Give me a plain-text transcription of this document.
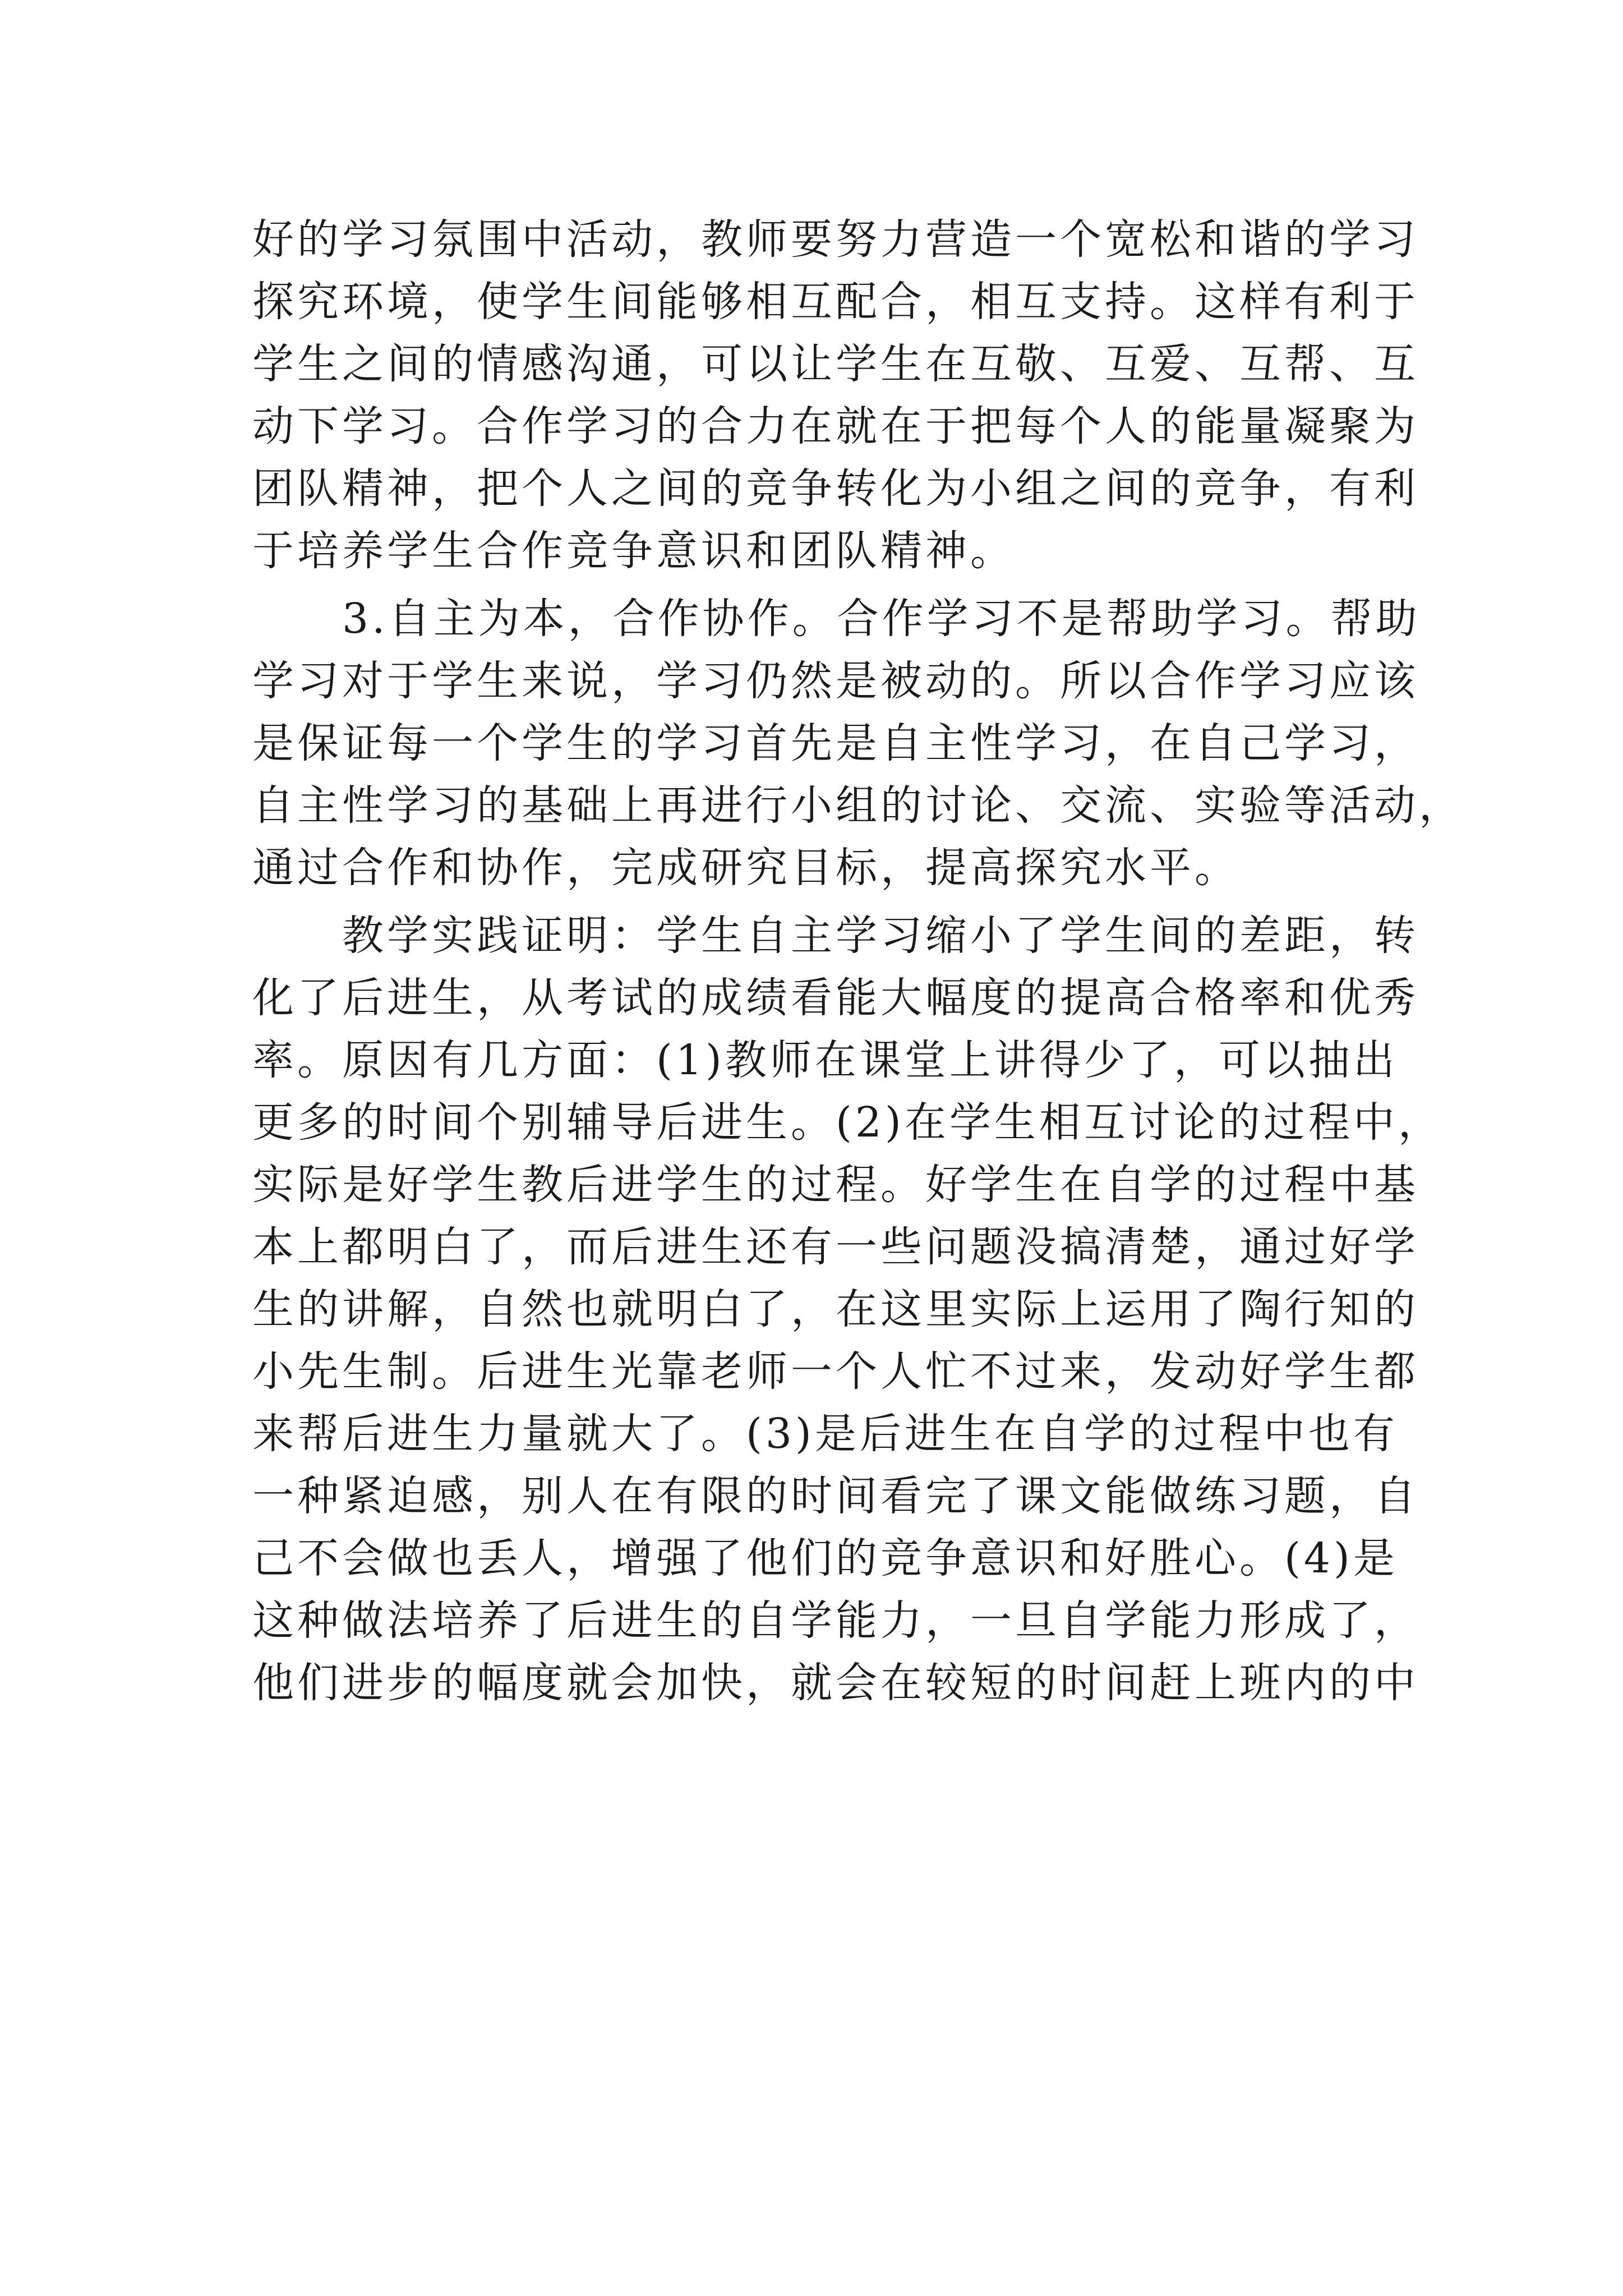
好的学习氛围中活动，教师要努力营造一个宽松和谐的学习
探究环境，使学生间能够相互配合，相互支持。这样有利于
学生之间的情感沟通，可以让学生在互敬、互爱、互帮、互
动下学习。合作学习的合力在就在于把每个人的能量凝聚为
团队精神，把个人之间的竞争转化为小组之间的竞争，有利
于培养学生合作竞争意识和团队精神。
　　3.自主为本，合作协作。合作学习不是帮助学习。帮助
学习对于学生来说，学习仍然是被动的。所以合作学习应该
是保证每一个学生的学习首先是自主性学习，在自己学习，
自主性学习的基础上再进行小组的讨论、交流、实验等活动，
通过合作和协作，完成研究目标，提高探究水平。
　　教学实践证明：学生自主学习缩小了学生间的差距，转
化了后进生，从考试的成绩看能大幅度的提高合格率和优秀
率。原因有几方面：(1)教师在课堂上讲得少了，可以抽出
更多的时间个别辅导后进生。(2)在学生相互讨论的过程中，
实际是好学生教后进学生的过程。好学生在自学的过程中基
本上都明白了，而后进生还有一些问题没搞清楚，通过好学
生的讲解，自然也就明白了，在这里实际上运用了陶行知的
小先生制。后进生光靠老师一个人忙不过来，发动好学生都
来帮后进生力量就大了。(3)是后进生在自学的过程中也有
一种紧迫感，别人在有限的时间看完了课文能做练习题，自
己不会做也丢人，增强了他们的竞争意识和好胜心。(4)是
这种做法培养了后进生的自学能力，一旦自学能力形成了，
他们进步的幅度就会加快，就会在较短的时间赶上班内的中
